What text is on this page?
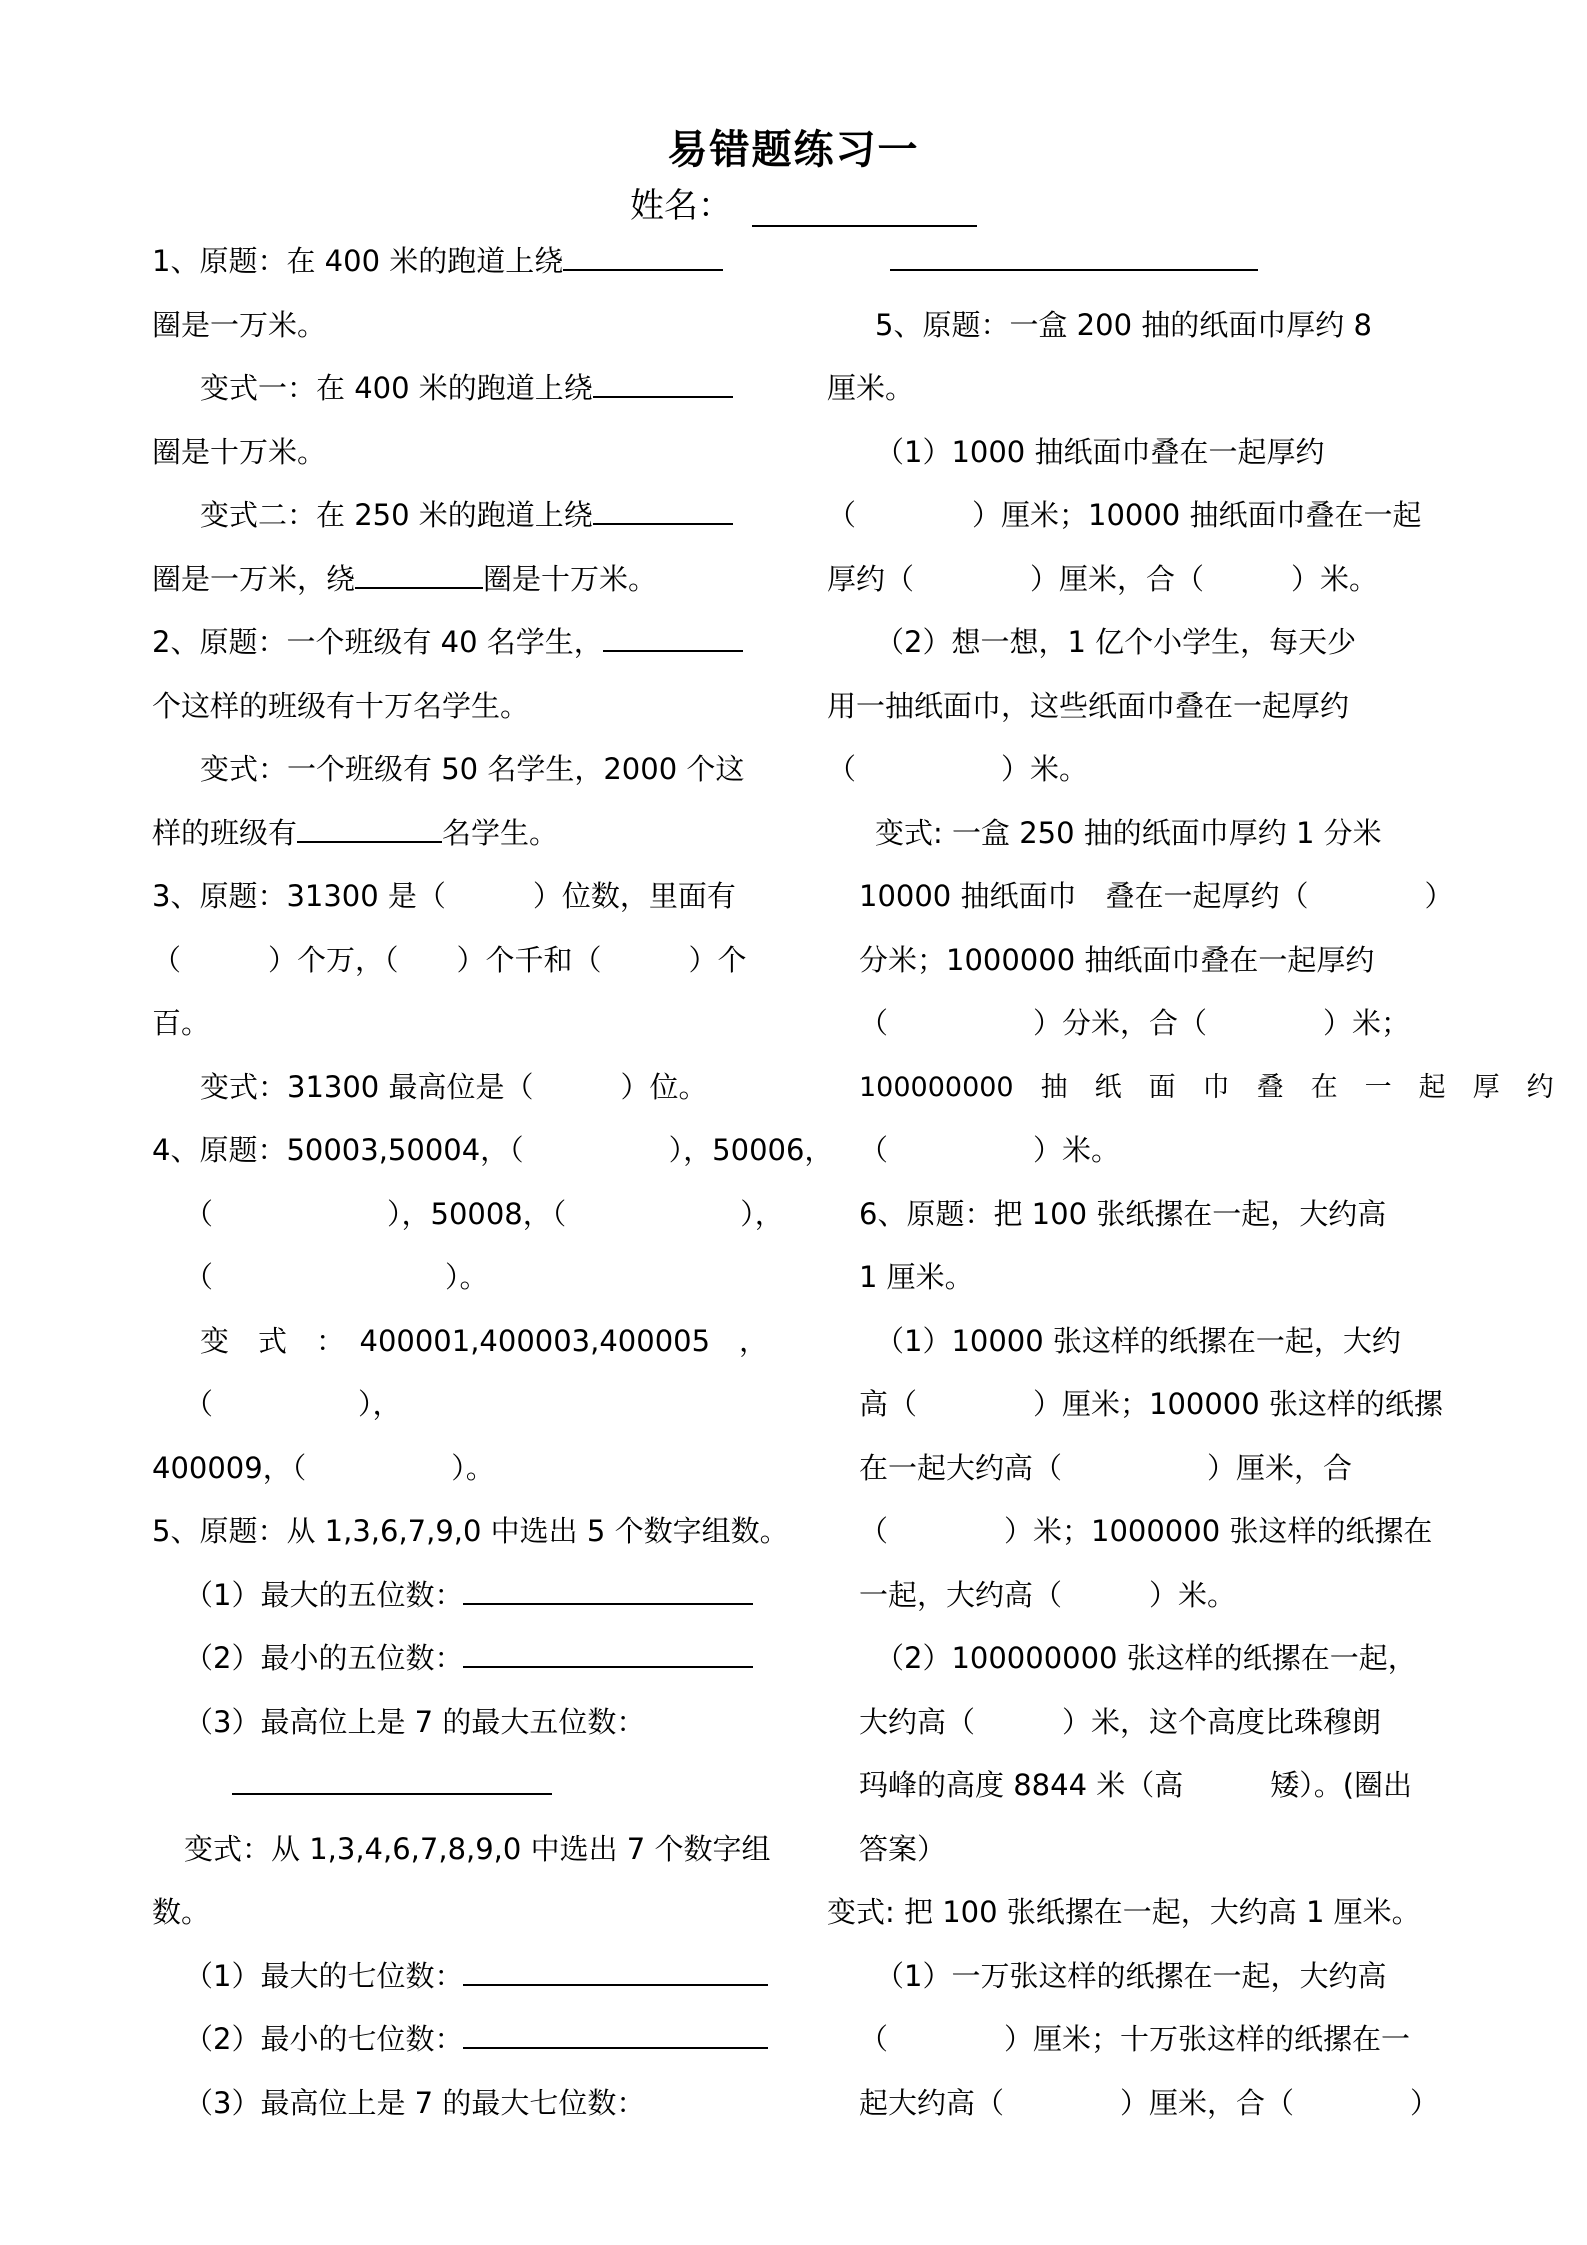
易错题练习一
姓名：
1、原题：在 400 米的跑道上绕
圈是一万米。
变式一：在 400 米的跑道上绕
圈是十万米。
变式二：在 250 米的跑道上绕
圈是一万米，绕	圈是十万米。
2、原题：一个班级有 40 名学生，
个这样的班级有十万名学生。
变式：一个班级有 50 名学生，2000 个这
样的班级有	名学生。
3、原题：31300 是（　　　）位数，里面有
（　　　）个万，（　　）个千和（　　　）个
百。
变式：31300 最高位是（　　　）位。
4、原题：50003,50004，（　　　　　），50006，
（　　　　　　），50008，（　　　　　　），
（　　　　　　　　）。
变　式　：　400001,400003,400005　，
（　　　　　），
400009，（　　　　　）。
5、原题：从 1,3,6,7,9,0 中选出 5 个数字组数。
（1）最大的五位数：
（2）最小的五位数：
（3）最高位上是 7 的最大五位数：
变式：从 1,3,4,6,7,8,9,0 中选出 7 个数字组
数。
（1）最大的七位数：
（2）最小的七位数：
（3）最高位上是 7 的最大七位数：
5、原题：一盒 200 抽的纸面巾厚约 8
厘米。
（1）1000 抽纸面巾叠在一起厚约
（　　　　）厘米；10000 抽纸面巾叠在一起
厚约（　　　　）厘米，合（　　　）米。
（2）想一想，1 亿个小学生，每天少
用一抽纸面巾，这些纸面巾叠在一起厚约
（　　　　　）米。
变式: 一盒 250 抽的纸面巾厚约 1 分米
10000 抽纸面巾　叠在一起厚约（　　　　）
分米；1000000 抽纸面巾叠在一起厚约
（　　　　　）分米，合（　　　　）米；
100000000　抽　纸　面　巾　叠　在　一　起　厚　约
（　　　　　）米。
6、原题：把 100 张纸摞在一起，大约高
1 厘米。
（1）10000 张这样的纸摞在一起，大约
高（　　　　）厘米；100000 张这样的纸摞
在一起大约高（　　　　　）厘米，合
（　　　　）米；1000000 张这样的纸摞在
一起，大约高（　　　）米。
（2）100000000 张这样的纸摞在一起，
大约高（　　　）米，这个高度比珠穆朗
玛峰的高度 8844 米（高　　　矮）。(圈出
答案）
变式: 把 100 张纸摞在一起，大约高 1 厘米。
（1）一万张这样的纸摞在一起，大约高
（　　　　）厘米；十万张这样的纸摞在一
起大约高（　　　　）厘米，合（　　　　）
